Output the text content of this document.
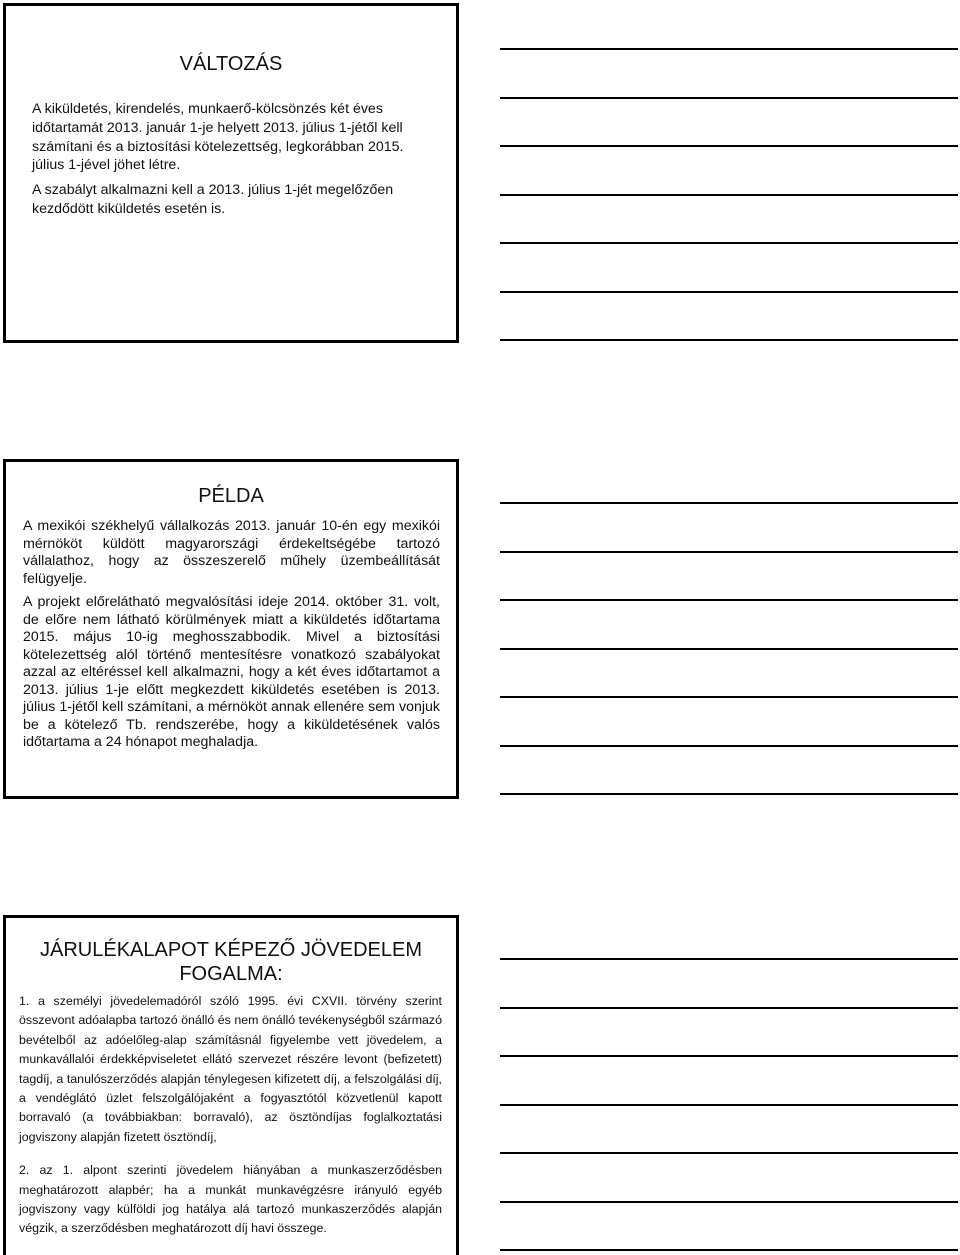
VÁLTOZÁS

A kiküldetés, kirendelés, munkaerő-kölcsönzés két éves időtartamát 2013. január 1-je helyett 2013. július 1-jétől kell számítani és a biztosítási kötelezettség, legkorábban 2015. július 1-jével jöhet létre.

A szabályt alkalmazni kell a 2013. július 1-jét megelőzően kezdődött kiküldetés esetén is.

PÉLDA

A mexikói székhelyű vállalkozás 2013. január 10-én egy mexikói mérnököt küldött magyarországi érdekeltségébe tartozó vállalathoz, hogy az összeszerelő műhely üzembeállítását felügyelje.

A projekt előrelátható megvalósítási ideje 2014. október 31. volt, de előre nem látható körülmények miatt a kiküldetés időtartama 2015. május 10-ig meghosszabbodik. Mivel a biztosítási kötelezettség alól történő mentesítésre vonatkozó szabályokat azzal az eltéréssel kell alkalmazni, hogy a két éves időtartamot a 2013. július 1-je előtt megkezdett kiküldetés esetében is 2013. július 1-jétől kell számítani, a mérnököt annak ellenére sem vonjuk be a kötelező Tb. rendszerébe, hogy a kiküldetésének valós időtartama a 24 hónapot meghaladja.

JÁRULÉKALAPOT KÉPEZŐ JÖVEDELEM FOGALMA:

1. a személyi jövedelemadóról szóló 1995. évi CXVII. törvény szerint összevont adóalapba tartozó önálló és nem önálló tevékenységből származó bevételből az adóelőleg-alap számításnál figyelembe vett jövedelem, a munkavállalói érdekképviseletet ellátó szervezet részére levont (befizetett) tagdíj, a tanulószerződés alapján ténylegesen kifizetett díj, a felszolgálási díj, a vendéglátó üzlet felszolgálójaként a fogyasztótól közvetlenül kapott borravaló (a továbbiakban: borravaló), az ösztöndíjas foglalkoztatási jogviszony alapján fizetett ösztöndíj,

2. az 1. alpont szerinti jövedelem hiányában a munkaszerződésben meghatározott alapbér; ha a munkát munkavégzésre irányuló egyéb jogviszony vagy külföldi jog hatálya alá tartozó munkaszerződés alapján végzik, a szerződésben meghatározott díj havi összege.
